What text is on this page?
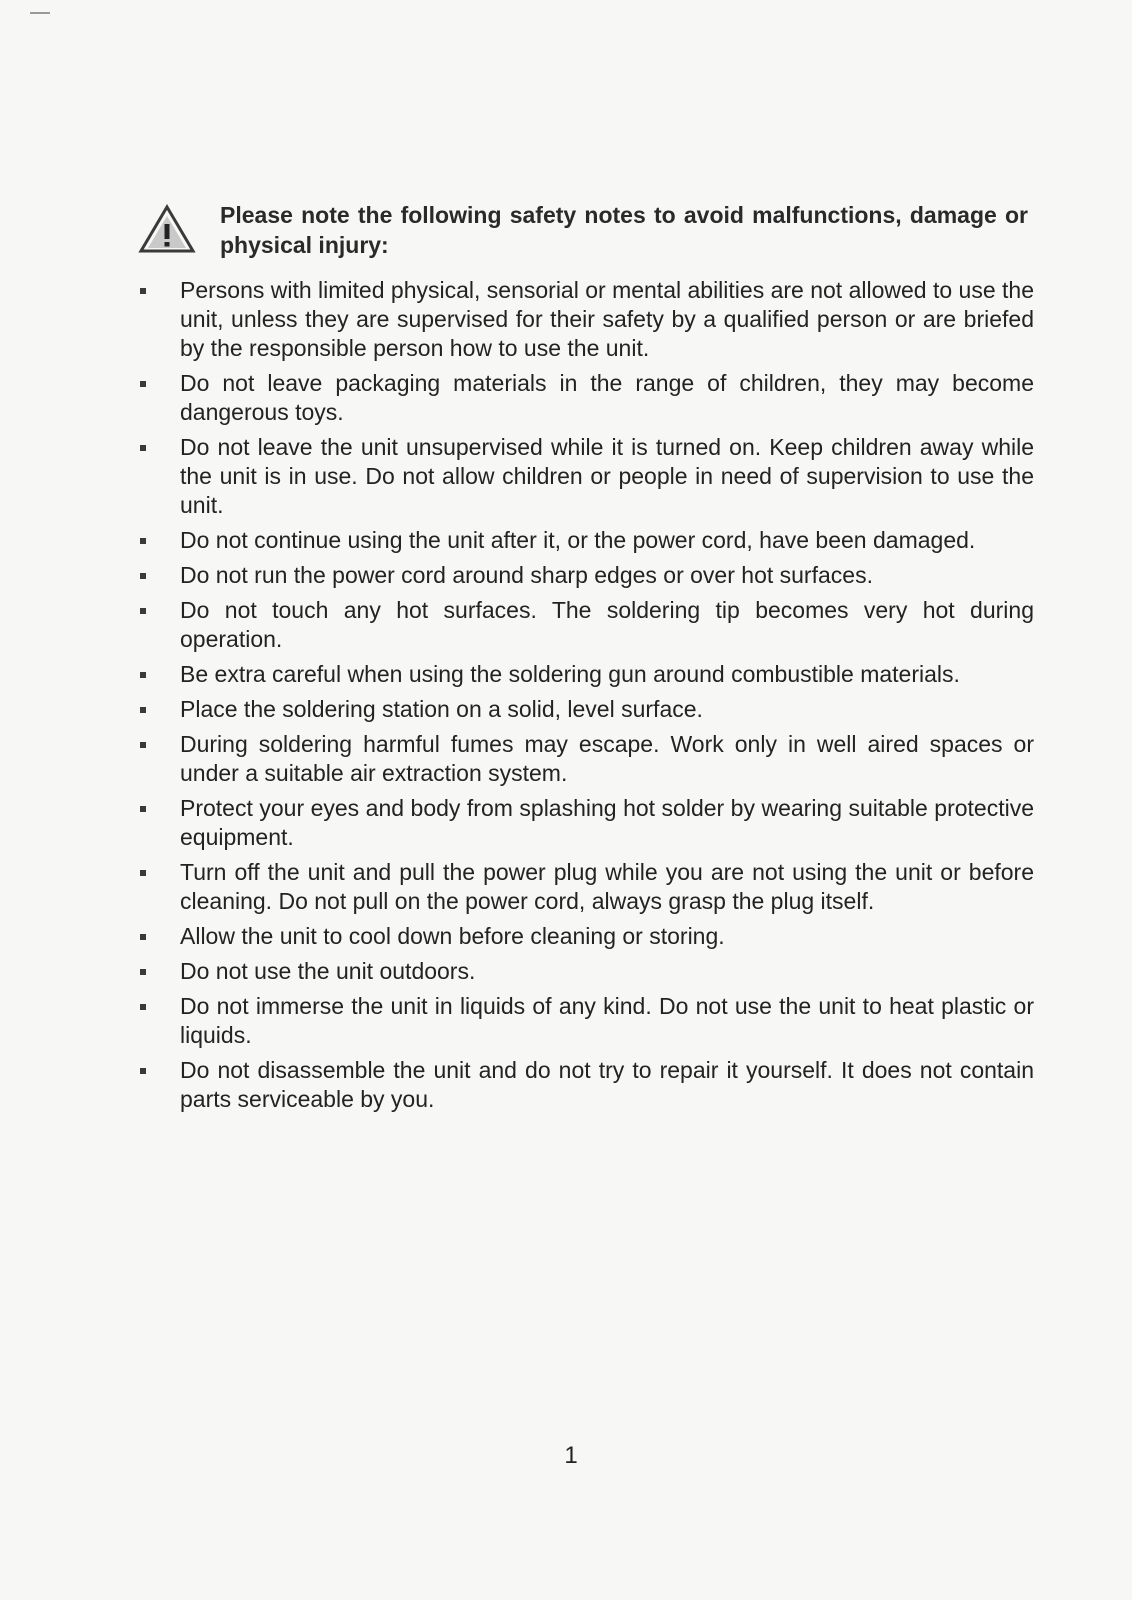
Please note the following safety notes to avoid malfunctions, damage or physical injury:
Persons with limited physical, sensorial or mental abilities are not allowed to use the unit, unless they are supervised for their safety by a qualified person or are briefed by the responsible person how to use the unit.
Do not leave packaging materials in the range of children, they may become dangerous toys.
Do not leave the unit unsupervised while it is turned on. Keep children away while the unit is in use. Do not allow children or people in need of supervision to use the unit.
Do not continue using the unit after it, or the power cord, have been damaged.
Do not run the power cord around sharp edges or over hot surfaces.
Do not touch any hot surfaces. The soldering tip becomes very hot during operation.
Be extra careful when using the soldering gun around combustible materials.
Place the soldering station on a solid, level surface.
During soldering harmful fumes may escape. Work only in well aired spaces or under a suitable air extraction system.
Protect your eyes and body from splashing hot solder by wearing suitable protective equipment.
Turn off the unit and pull the power plug while you are not using the unit or before cleaning. Do not pull on the power cord, always grasp the plug itself.
Allow the unit to cool down before cleaning or storing.
Do not use the unit outdoors.
Do not immerse the unit in liquids of any kind. Do not use the unit to heat plastic or liquids.
Do not disassemble the unit and do not try to repair it yourself. It does not contain parts serviceable by you.
1
